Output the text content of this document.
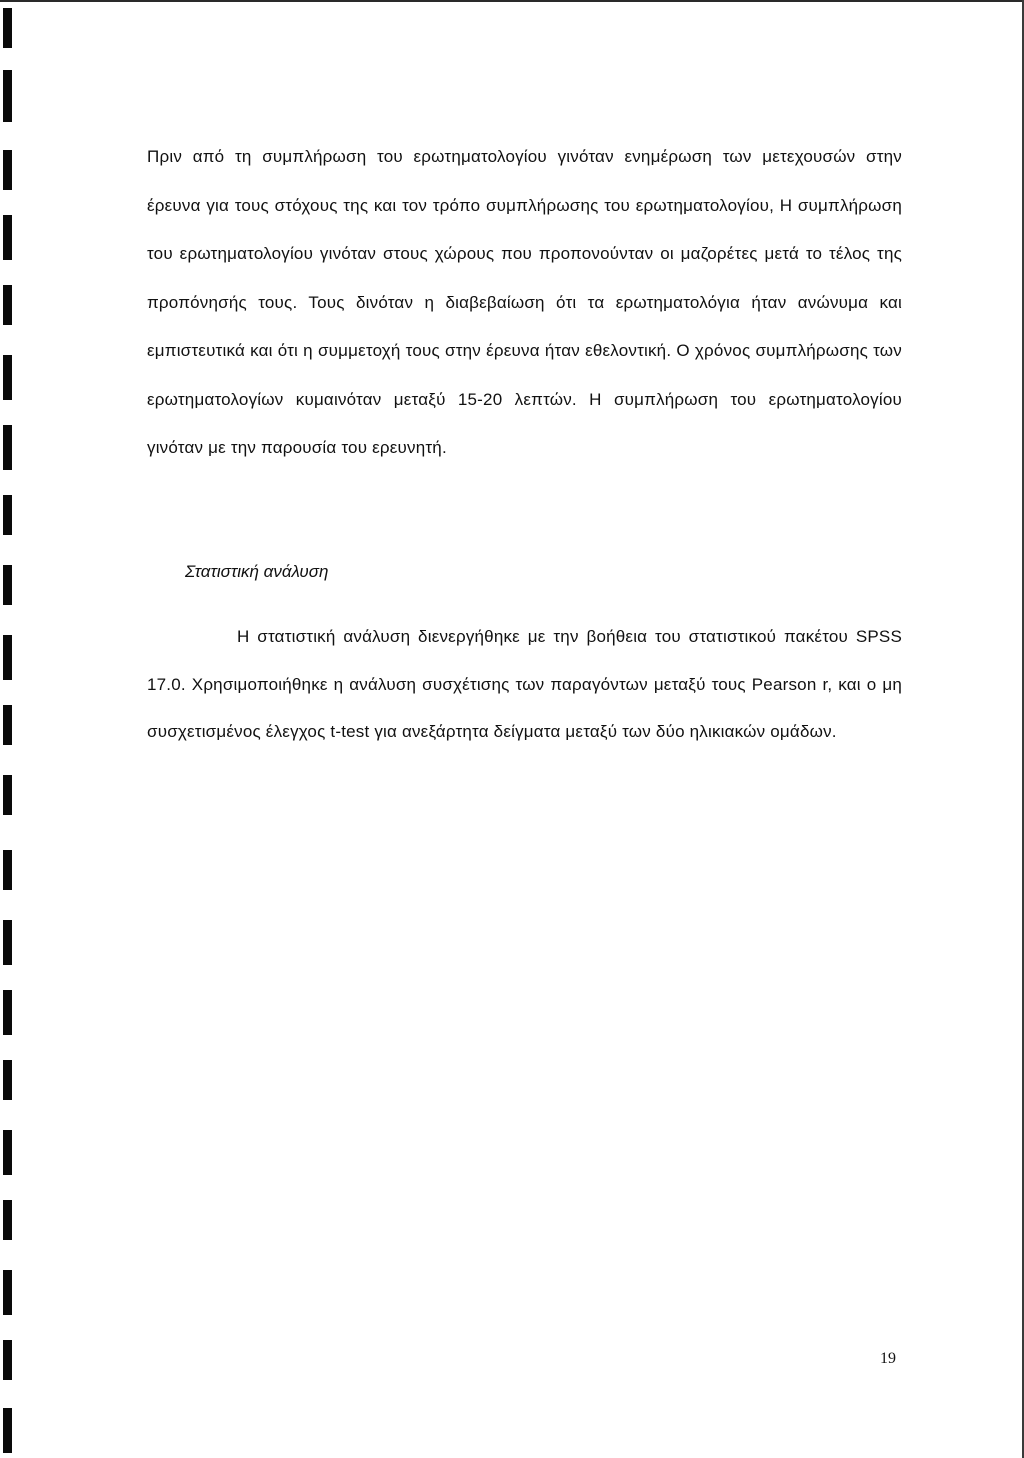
Πριν από τη συμπλήρωση του ερωτηματολογίου γινόταν ενημέρωση των μετεχουσών στην έρευνα για τους στόχους της και τον τρόπο συμπλήρωσης του ερωτηματολογίου, Η συμπλήρωση του ερωτηματολογίου γινόταν στους χώρους που προπονούνταν οι μαζορέτες μετά το τέλος της προπόνησής τους. Τους δινόταν η διαβεβαίωση ότι τα ερωτηματολόγια ήταν ανώνυμα και εμπιστευτικά και ότι η συμμετοχή τους στην έρευνα ήταν εθελοντική. Ο χρόνος συμπλήρωσης των ερωτηματολογίων κυμαινόταν μεταξύ 15-20 λεπτών. Η συμπλήρωση του ερωτηματολογίου γινόταν με την παρουσία του ερευνητή.

Στατιστική ανάλυση

Η στατιστική ανάλυση διενεργήθηκε με την βοήθεια του στατιστικού πακέτου SPSS 17.0. Χρησιμοποιήθηκε η ανάλυση συσχέτισης των παραγόντων μεταξύ τους Pearson r, και ο μη συσχετισμένος έλεγχος t-test για ανεξάρτητα δείγματα μεταξύ των δύο ηλικιακών ομάδων.

19
